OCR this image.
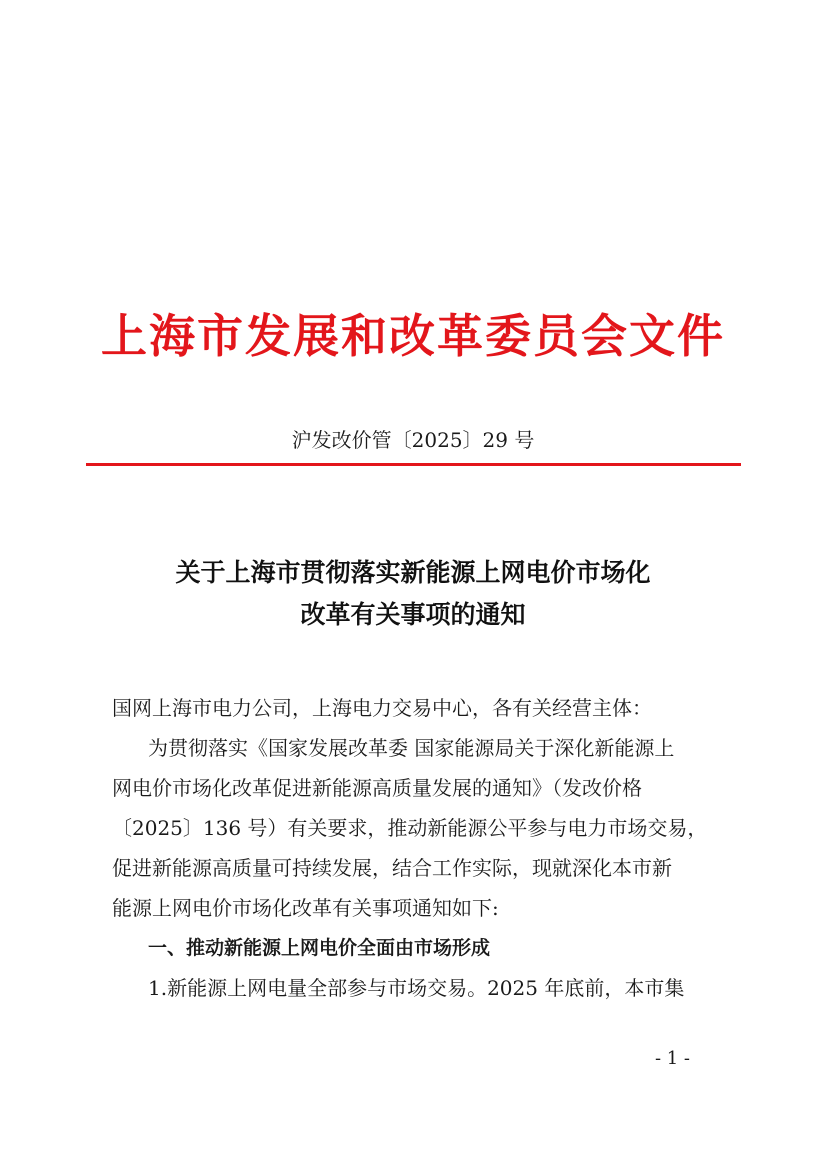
上海市发展和改革委员会文件
沪发改价管〔2025〕29 号
关于上海市贯彻落实新能源上网电价市场化
改革有关事项的通知
国网上海市电力公司，上海电力交易中心，各有关经营主体：
为贯彻落实《国家发展改革委 国家能源局关于深化新能源上
网电价市场化改革促进新能源高质量发展的通知》（发改价格
〔2025〕136 号）有关要求，推动新能源公平参与电力市场交易，
促进新能源高质量可持续发展，结合工作实际，现就深化本市新
能源上网电价市场化改革有关事项通知如下:
一、推动新能源上网电价全面由市场形成
1.新能源上网电量全部参与市场交易。2025 年底前，本市集
- 1 -
